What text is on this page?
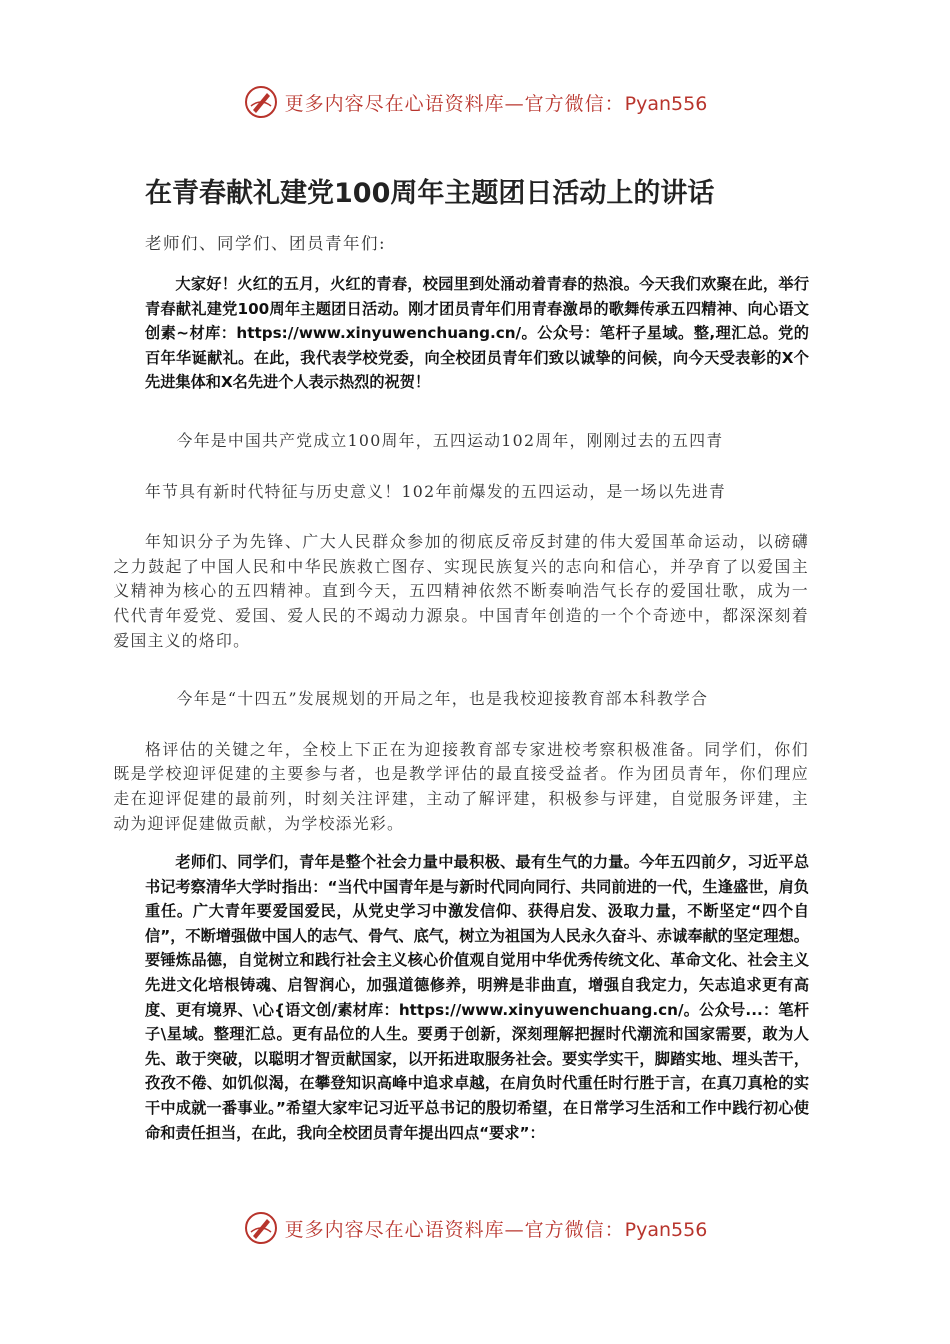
更多内容尽在心语资料库—官方微信：Pyan556
在青春献礼建党100周年主题团日活动上的讲话
老师们、同学们、团员青年们:

大家好！火红的五月，火红的青春，校园里到处涌动着青春的热浪。今天我们欢聚在此，举行青春献礼建党100周年主题团日活动。刚才团员青年们用青春激昂的歌舞传承五四精神、向心语文创素~材库：https://www.xinyuwenchuang.cn/。公众号：笔杆子星域。整,理汇总。党的百年华诞献礼。在此，我代表学校党委，向全校团员青年们致以诚挚的问候，向今天受表彰的X个先进集体和X名先进个人表示热烈的祝贺！

今年是中国共产党成立100周年，五四运动102周年，刚刚过去的五四青
年节具有新时代特征与历史意义！102年前爆发的五四运动，是一场以先进青
年知识分子为先锋、广大人民群众参加的彻底反帝反封建的伟大爱国革命运动，以磅礴之力鼓起了中国人民和中华民族救亡图存、实现民族复兴的志向和信心，并孕育了以爱国主义精神为核心的五四精神。直到今天，五四精神依然不断奏响浩气长存的爱国壮歌，成为一代代青年爱党、爱国、爱人民的不竭动力源泉。中国青年创造的一个个奇迹中，都深深刻着爱国主义的烙印。

今年是“十四五”发展规划的开局之年，也是我校迎接教育部本科教学合
格评估的关键之年，全校上下正在为迎接教育部专家进校考察积极准备。同学们，你们既是学校迎评促建的主要参与者，也是教学评估的最直接受益者。作为团员青年，你们理应走在迎评促建的最前列，时刻关注评建，主动了解评建，积极参与评建，自觉服务评建，主动为迎评促建做贡献，为学校添光彩。

老师们、同学们，青年是整个社会力量中最积极、最有生气的力量。今年五四前夕，习近平总书记考察清华大学时指出：“当代中国青年是与新时代同向同行、共同前进的一代，生逢盛世，肩负重任。广大青年要爱国爱民，从党史学习中激发信仰、获得启发、汲取力量，不断坚定“四个自信”，不断增强做中国人的志气、骨气、底气，树立为祖国为人民永久奋斗、赤诚奉献的坚定理想。要锤炼品德，自觉树立和践行社会主义核心价值观自觉用中华优秀传统文化、革命文化、社会主义先进文化培根铸魂、启智润心，加强道德修养，明辨是非曲直，增强自我定力，矢志追求更有高度、更有境界、\心{语文创/素材库：https://www.xinyuwenchuang.cn/。公众号...：笔杆子\星域。整理汇总。更有品位的人生。要勇于创新，深刻理解把握时代潮流和国家需要，敢为人先、敢于突破，以聪明才智贡献国家，以开拓进取服务社会。要实学实干，脚踏实地、埋头苦干，孜孜不倦、如饥似渴，在攀登知识高峰中追求卓越，在肩负时代重任时行胜于言，在真刀真枪的实干中成就一番事业。”希望大家牢记习近平总书记的殷切希望，在日常学习生活和工作中践行初心使命和责任担当，在此，我向全校团员青年提出四点“要求”：

更多内容尽在心语资料库—官方微信：Pyan556
